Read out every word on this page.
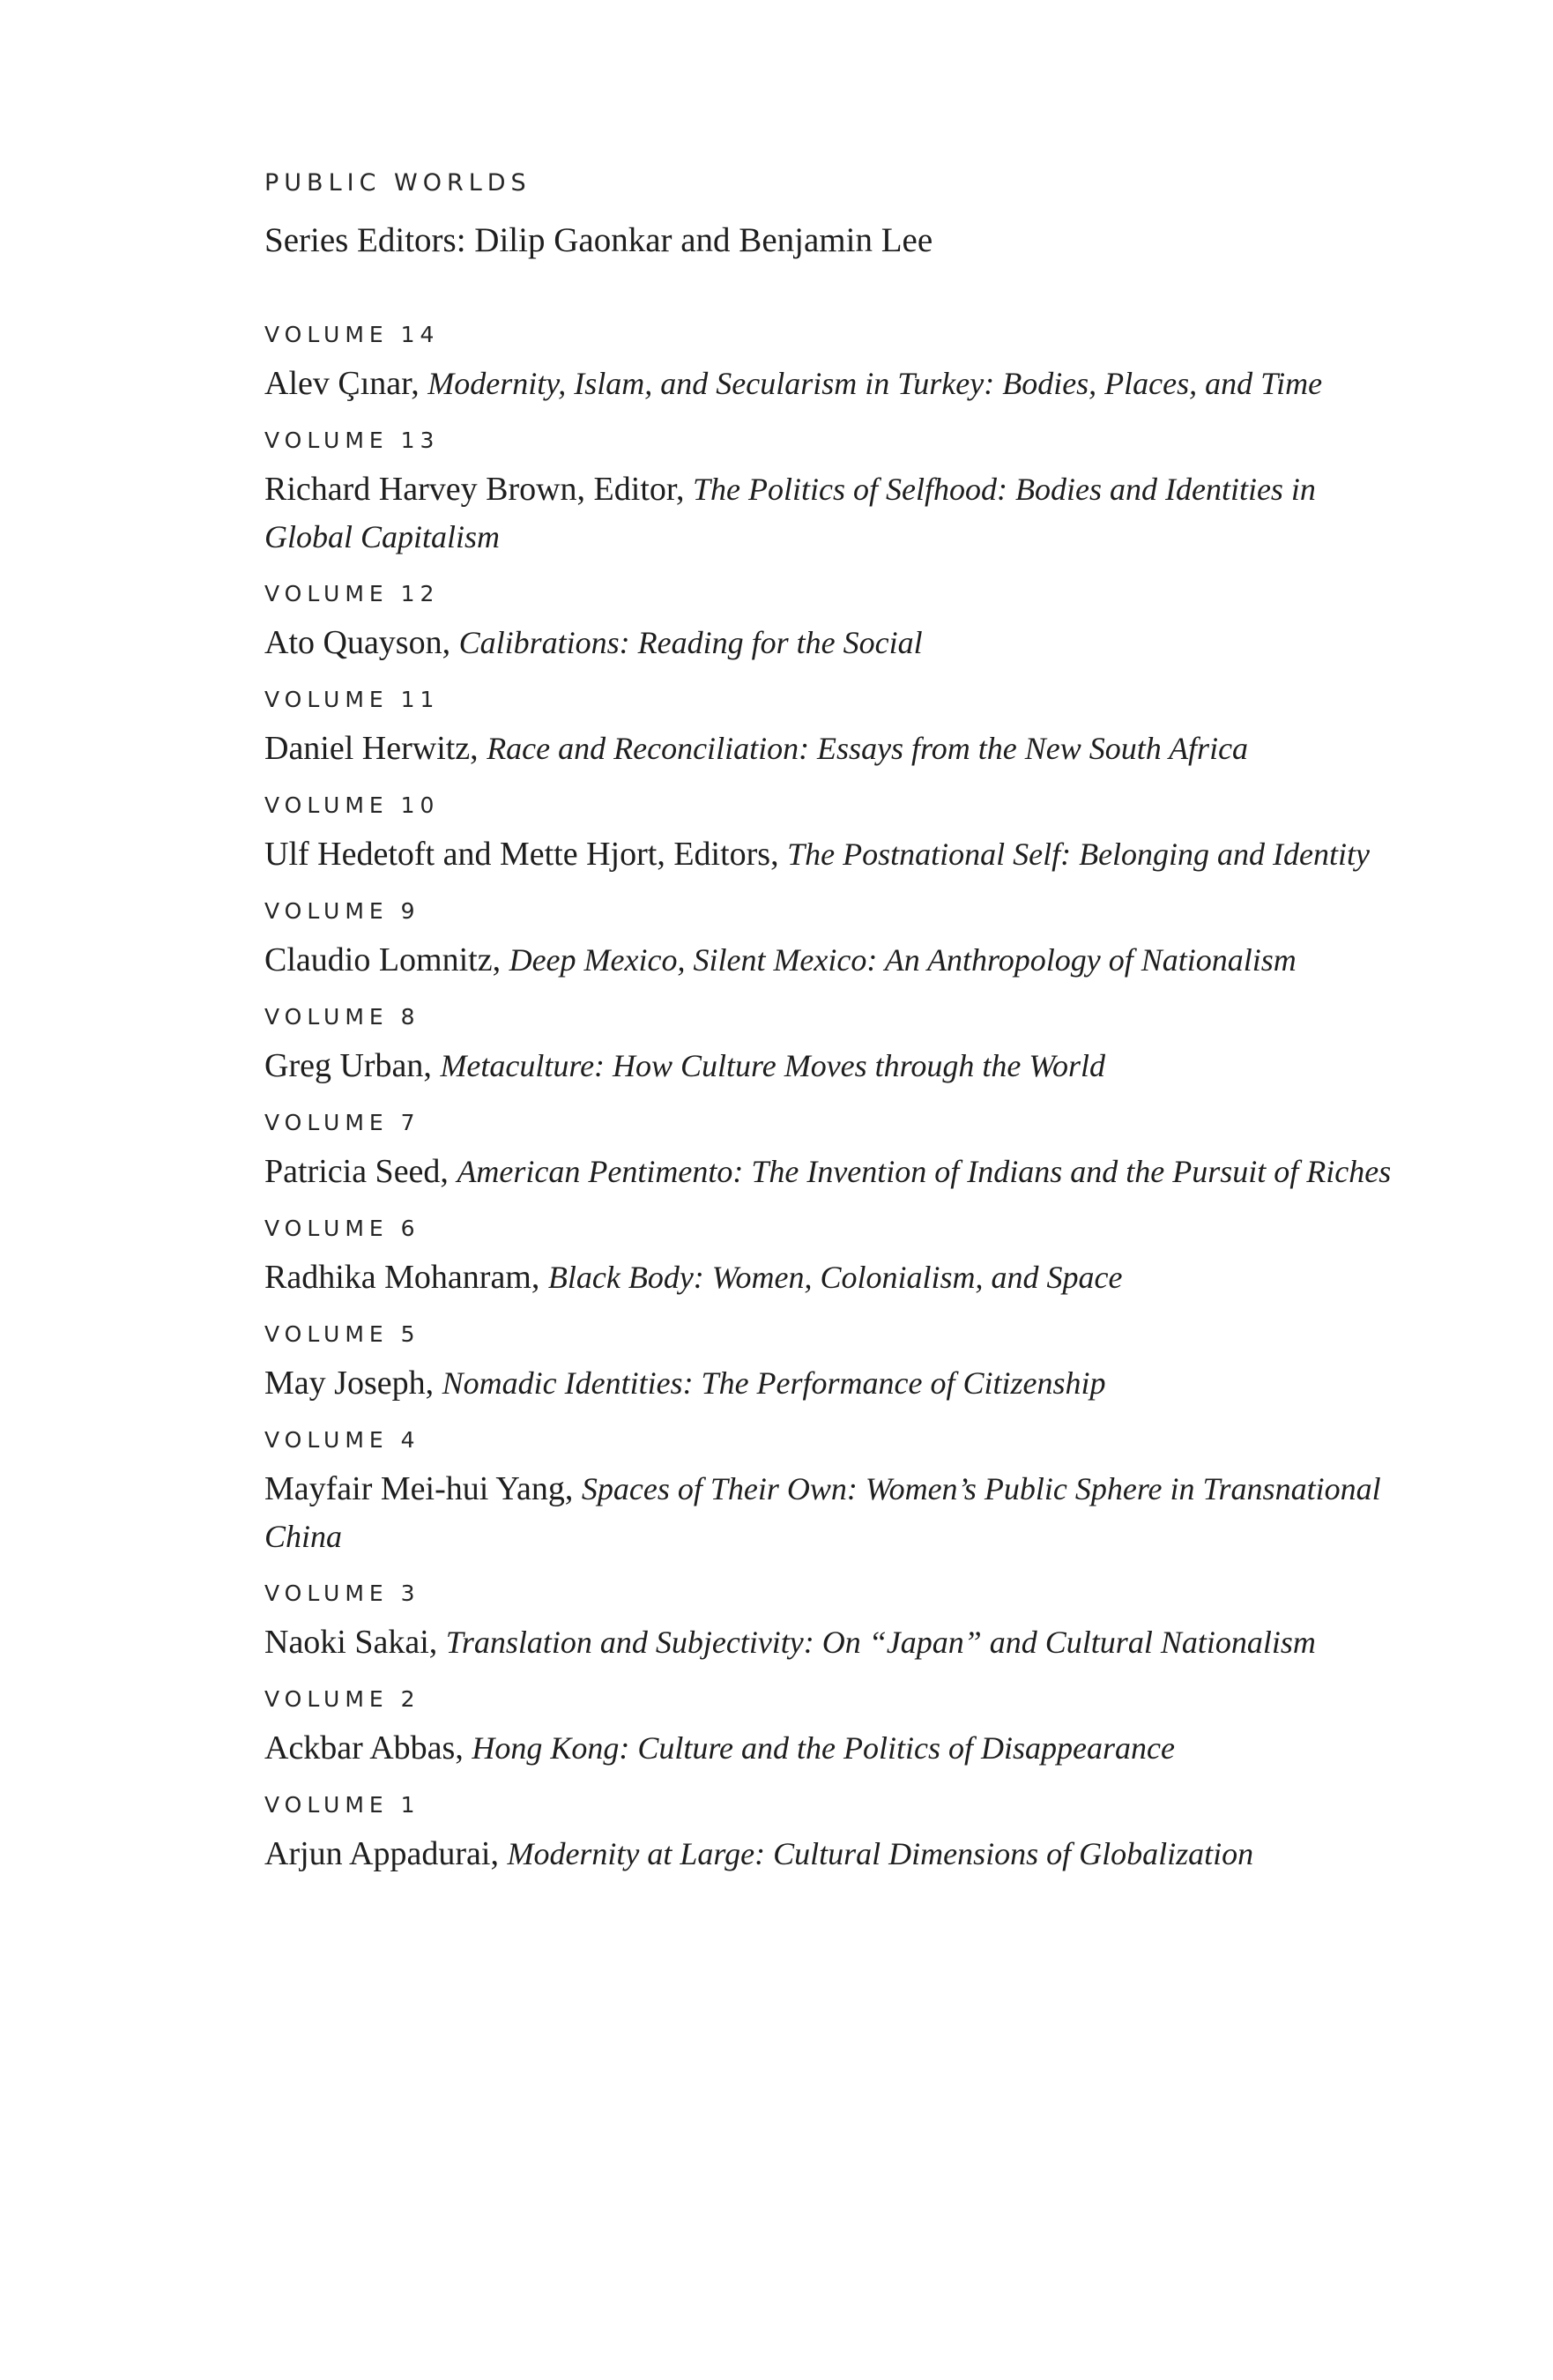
PUBLIC WORLDS

Series Editors: Dilip Gaonkar and Benjamin Lee

VOLUME 14

Alev Çınar, Modernity, Islam, and Secularism in Turkey: Bodies, Places, and Time

VOLUME 13

Richard Harvey Brown, Editor, The Politics of Selfhood: Bodies and Identities in Global Capitalism

VOLUME 12

Ato Quayson, Calibrations: Reading for the Social

VOLUME 11

Daniel Herwitz, Race and Reconciliation: Essays from the New South Africa

VOLUME 10

Ulf Hedetoft and Mette Hjort, Editors, The Postnational Self: Belonging and Identity

VOLUME 9

Claudio Lomnitz, Deep Mexico, Silent Mexico: An Anthropology of Nationalism

VOLUME 8

Greg Urban, Metaculture: How Culture Moves through the World

VOLUME 7

Patricia Seed, American Pentimento: The Invention of Indians and the Pursuit of Riches

VOLUME 6

Radhika Mohanram, Black Body: Women, Colonialism, and Space

VOLUME 5

May Joseph, Nomadic Identities: The Performance of Citizenship

VOLUME 4

Mayfair Mei-hui Yang, Spaces of Their Own: Women’s Public Sphere in Transnational China

VOLUME 3

Naoki Sakai, Translation and Subjectivity: On “Japan” and Cultural Nationalism

VOLUME 2

Ackbar Abbas, Hong Kong: Culture and the Politics of Disappearance

VOLUME 1

Arjun Appadurai, Modernity at Large: Cultural Dimensions of Globalization
